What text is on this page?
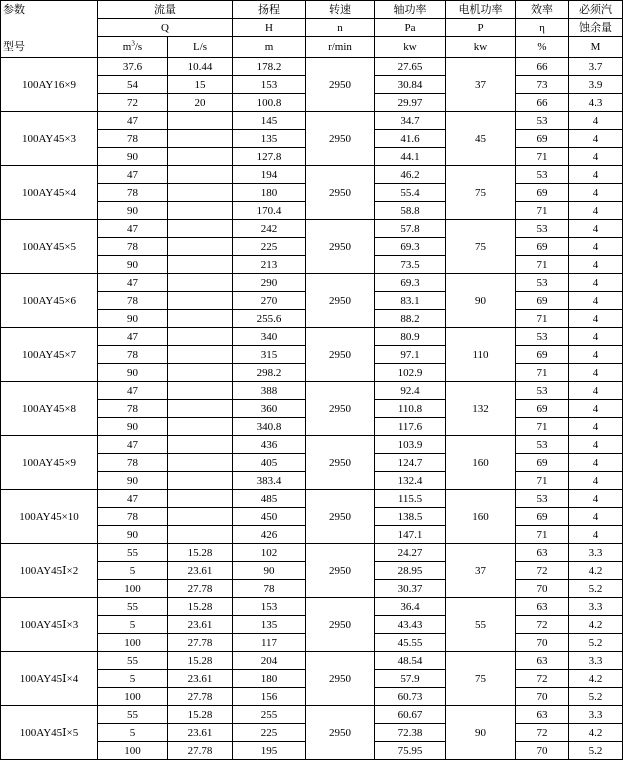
参数	流量		扬程	转速	轴功率	电机功率	效率	必须汽
	Q		H	n	Pa	P	η	蚀余量
型号	$m^3/s$	L/s	m	r/min	kw	kw	%	M
100AY16×9	37.6	10.44	178.2	2950	27.65	37	66	3.7
	54	15	153		30.84		73	3.9
	72	20	100.8		29.97		66	4.3
100AY45×3	47		145	2950	34.7	45	53	4
	78		135		41.6		69	4
	90		127.8		44.1		71	4
100AY45×4	47		194	2950	46.2	75	53	4
	78		180		55.4		69	4
	90		170.4		58.8		71	4
100AY45×5	47		242	2950	57.8	75	53	4
	78		225		69.3		69	4
	90		213		73.5		71	4
100AY45×6	47		290	2950	69.3	90	53	4
	78		270		83.1		69	4
	90		255.6		88.2		71	4
100AY45×7	47		340	2950	80.9	110	53	4
	78		315		97.1		69	4
	90		298.2		102.9		71	4
100AY45×8	47		388	2950	92.4	132	53	4
	78		360		110.8		69	4
	90		340.8		117.6		71	4
100AY45×9	47		436	2950	103.9	160	53	4
	78		405		124.7		69	4
	90		383.4		132.4		71	4
100AY45×10	47		485	2950	115.5	160	53	4
	78		450		138.5		69	4
	90		426		147.1		71	4
100AY45Ⅰ×2	55	15.28	102	2950	24.27	37	63	3.3
	5	23.61	90		28.95		72	4.2
	100	27.78	78		30.37		70	5.2
100AY45Ⅰ×3	55	15.28	153	2950	36.4	55	63	3.3
	5	23.61	135		43.43		72	4.2
	100	27.78	117		45.55		70	5.2
100AY45Ⅰ×4	55	15.28	204	2950	48.54	75	63	3.3
	5	23.61	180		57.9		72	4.2
	100	27.78	156		60.73		70	5.2
100AY45Ⅰ×5	55	15.28	255	2950	60.67	90	63	3.3
	5	23.61	225		72.38		72	4.2
	100	27.78	195		75.95		70	5.2
